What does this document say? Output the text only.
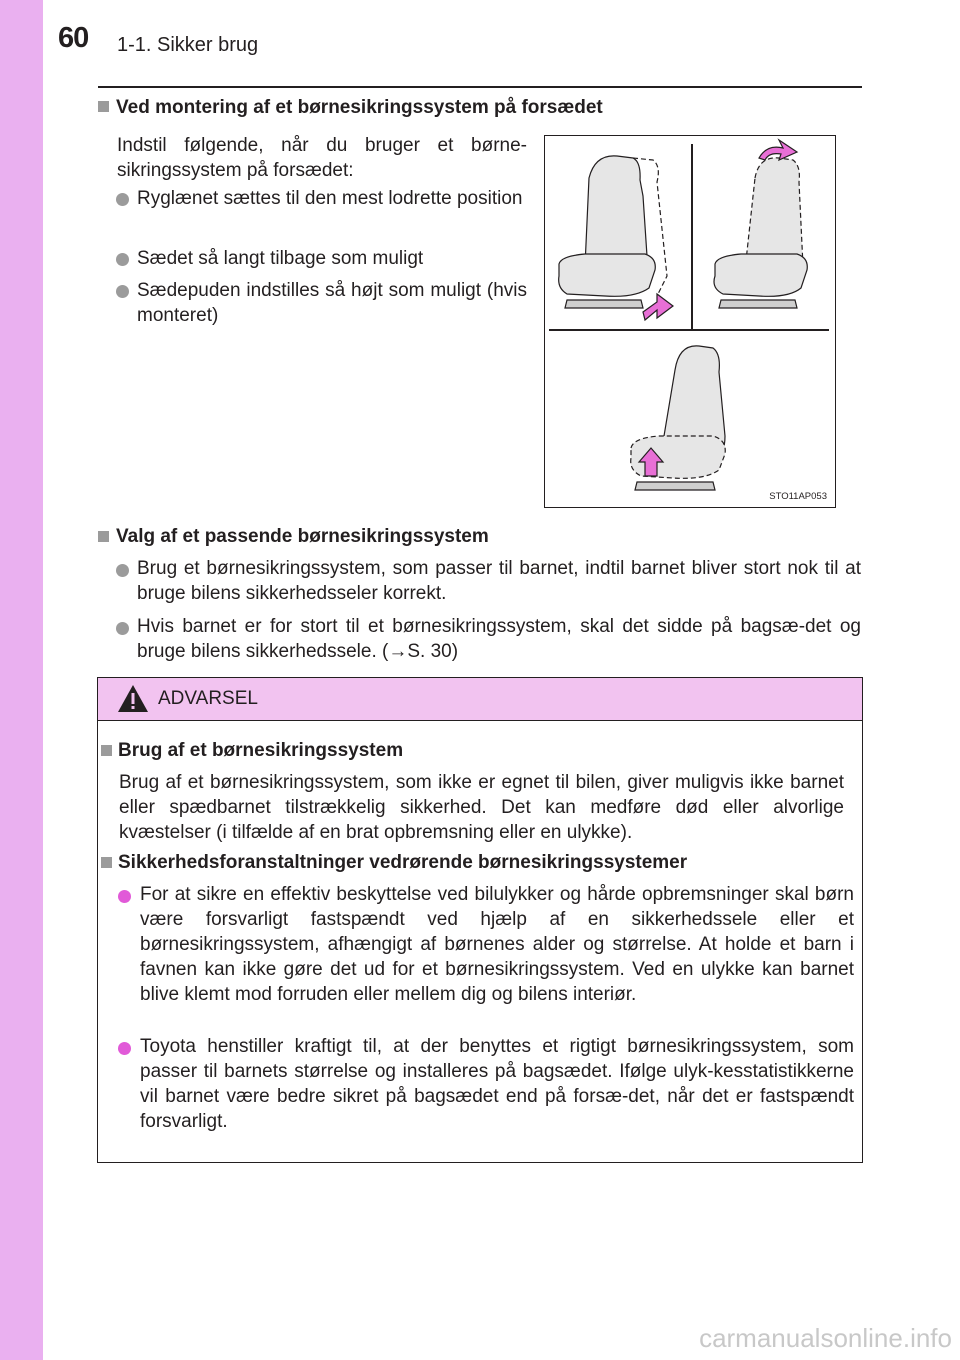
60 1-1. Sikker brug
Ved montering af et børnesikringssystem på forsædet
Indstil følgende, når du bruger et børne-sikringssystem på forsædet:
Ryglænet sættes til den mest lodrette position
Sædet så langt tilbage som muligt
Sædepuden indstilles så højt som muligt (hvis monteret)
STO11AP053
Valg af et passende børnesikringssystem
Brug et børnesikringssystem, som passer til barnet, indtil barnet bliver stort nok til at bruge bilens sikkerhedsseler korrekt.
Hvis barnet er for stort til et børnesikringssystem, skal det sidde på bagsæ-det og bruge bilens sikkerhedssele. (→S. 30)
ADVARSEL
Brug af et børnesikringssystem
Brug af et børnesikringssystem, som ikke er egnet til bilen, giver muligvis ikke barnet eller spædbarnet tilstrækkelig sikkerhed. Det kan medføre død eller alvorlige kvæstelser (i tilfælde af en brat opbremsning eller en ulykke).
Sikkerhedsforanstaltninger vedrørende børnesikringssystemer
For at sikre en effektiv beskyttelse ved bilulykker og hårde opbremsninger skal børn være forsvarligt fastspændt ved hjælp af en sikkerhedssele eller et børnesikringssystem, afhængigt af børnenes alder og størrelse. At holde et barn i favnen kan ikke gøre det ud for et børnesikringssystem. Ved en ulykke kan barnet blive klemt mod forruden eller mellem dig og bilens interiør.
Toyota henstiller kraftigt til, at der benyttes et rigtigt børnesikringssystem, som passer til barnets størrelse og installeres på bagsædet. Ifølge ulyk-kesstatistikkerne vil barnet være bedre sikret på bagsædet end på forsæ-det, når det er fastspændt forsvarligt.
carmanualsonline.info
